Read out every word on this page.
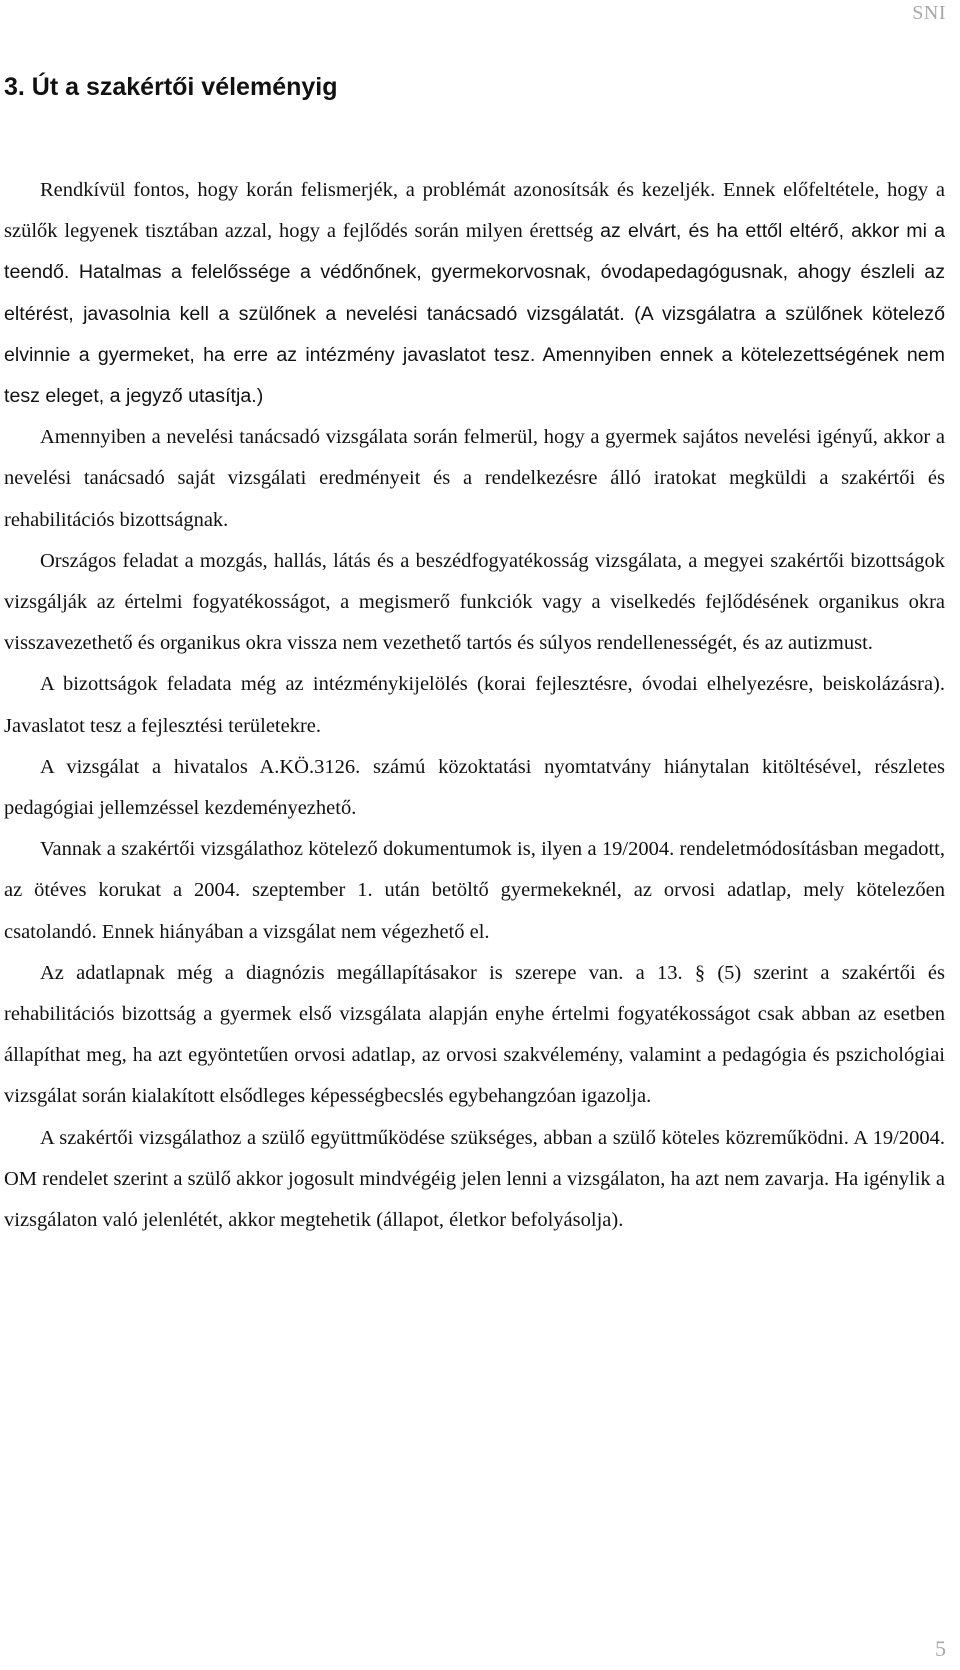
SNI
3. Út a szakértői véleményig

Rendkívül fontos, hogy korán felismerjék, a problémát azonosítsák és kezeljék. Ennek előfeltétele, hogy a szülők legyenek tisztában azzal, hogy a fejlődés során milyen érettség az elvárt, és ha ettől eltérő, akkor mi a teendő. Hatalmas a felelőssége a védőnőnek, gyermekorvosnak, óvodapedagógusnak, ahogy észleli az eltérést, javasolnia kell a szülőnek a nevelési tanácsadó vizsgálatát. (A vizsgálatra a szülőnek kötelező elvinnie a gyermeket, ha erre az intézmény javaslatot tesz. Amennyiben ennek a kötelezettségének nem tesz eleget, a jegyző utasítja.)

Amennyiben a nevelési tanácsadó vizsgálata során felmerül, hogy a gyermek sajátos nevelési igényű, akkor a nevelési tanácsadó saját vizsgálati eredményeit és a rendelkezésre álló iratokat megküldi a szakértői és rehabilitációs bizottságnak.

Országos feladat a mozgás, hallás, látás és a beszédfogyatékosság vizsgálata, a megyei szakértői bizottságok vizsgálják az értelmi fogyatékosságot, a megismerő funkciók vagy a viselkedés fejlődésének organikus okra visszavezethető és organikus okra vissza nem vezethető tartós és súlyos rendellenességét, és az autizmust.

A bizottságok feladata még az intézménykijelölés (korai fejlesztésre, óvodai elhelyezésre, beiskolázásra). Javaslatot tesz a fejlesztési területekre.

A vizsgálat a hivatalos A.KÖ.3126. számú közoktatási nyomtatvány hiánytalan kitöltésével, részletes pedagógiai jellemzéssel kezdeményezhető.

Vannak a szakértői vizsgálathoz kötelező dokumentumok is, ilyen a 19/2004. rendeletmódosításban megadott, az ötéves korukat a 2004. szeptember 1. után betöltő gyermekeknél, az orvosi adatlap, mely kötelezően csatolandó. Ennek hiányában a vizsgálat nem végezhető el.

Az adatlapnak még a diagnózis megállapításakor is szerepe van. a 13. § (5) szerint a szakértői és rehabilitációs bizottság a gyermek első vizsgálata alapján enyhe értelmi fogyatékosságot csak abban az esetben állapíthat meg, ha azt egyöntetűen orvosi adatlap, az orvosi szakvélemény, valamint a pedagógia és pszichológiai vizsgálat során kialakított elsődleges képességbecslés egybehangzóan igazolja.

A szakértői vizsgálathoz a szülő együttműködése szükséges, abban a szülő köteles közreműködni. A 19/2004. OM rendelet szerint a szülő akkor jogosult mindvégéig jelen lenni a vizsgálaton, ha azt nem zavarja. Ha igénylik a vizsgálaton való jelenlétét, akkor megtehetik (állapot, életkor befolyásolja).

5
